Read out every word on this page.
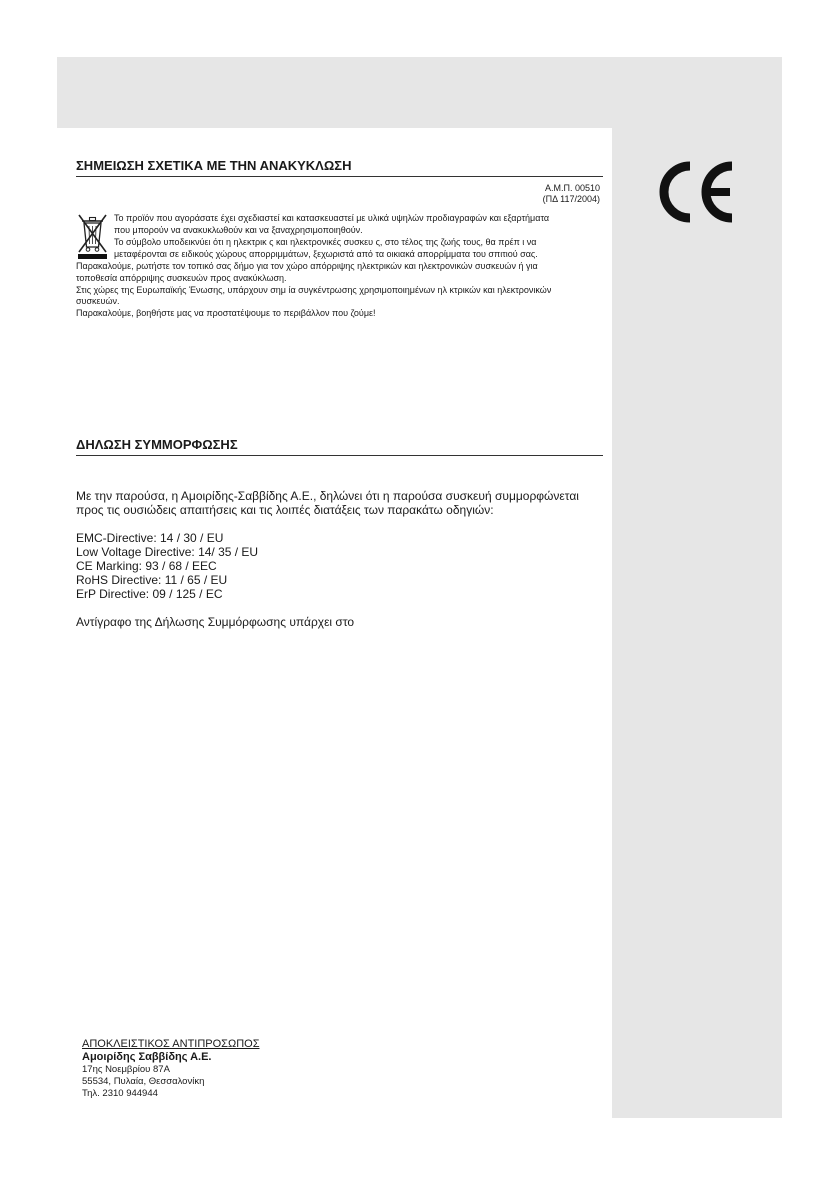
ΣΗΜΕΙΩΣΗ ΣΧΕΤΙΚΑ ΜΕ ΤΗΝ ΑΝΑΚΥΚΛΩΣΗ
Α.Μ.Π. 00510
(ΠΔ 117/2004)
Το προϊόν που αγοράσατε έχει σχεδιαστεί και κατασκευαστεί με υλικά υψηλών προδιαγραφών και εξαρτήματα
που μπορούν να ανακυκλωθούν και να ξαναχρησιμοποιηθούν.
Το σύμβολο υποδεικνύει ότι η ηλεκτρικ ς και ηλεκτρονικές συσκευ ς, στο τέλος της ζωής τους, θα πρέπ ι να
μεταφέρονται σε ειδικούς χώρους απορριμμάτων, ξεχωριστά από τα οικιακά απορρίμματα του σπιτιού σας.
Παρακαλούμε, ρωτήστε τον τοπικό σας δήμο για τον χώρο απόρριψης ηλεκτρικών και ηλεκτρονικών συσκευών ή για
τοποθεσία απόρριψης συσκευών προς ανακύκλωση.
Στις χώρες της Ευρωπαϊκής Ένωσης, υπάρχουν σημ ία συγκέντρωσης χρησιμοποιημένων ηλ κτρικών και ηλεκτρονικών
συσκευών.
Παρακαλούμε, βοηθήστε μας να προστατέψουμε το περιβάλλον που ζούμε!
ΔΗΛΩΣΗ ΣΥΜΜΟΡΦΩΣΗΣ
Με την παρούσα, η Αμοιρίδης-Σαββίδης Α.Ε., δηλώνει ότι η παρούσα συσκευή συμμορφώνεται
προς τις ουσιώδεις απαιτήσεις και τις λοιπές διατάξεις των παρακάτω οδηγιών:
EMC-Directive: 14 / 30 / EU
Low Voltage Directive: 14/ 35 / EU
CE Marking: 93 / 68 / EEC
RoHS Directive: 11 / 65 / EU
ErP Directive: 09 / 125 / EC
Αντίγραφο της Δήλωσης Συμμόρφωσης υπάρχει στο
ΑΠΟΚΛΕΙΣΤΙΚΟΣ ΑΝΤΙΠΡΟΣΩΠΟΣ
Αμοιρίδης Σαββίδης Α.Ε.
17ης Νοεμβρίου 87Α
55534, Πυλαία, Θεσσαλονίκη
Τηλ. 2310 944944
